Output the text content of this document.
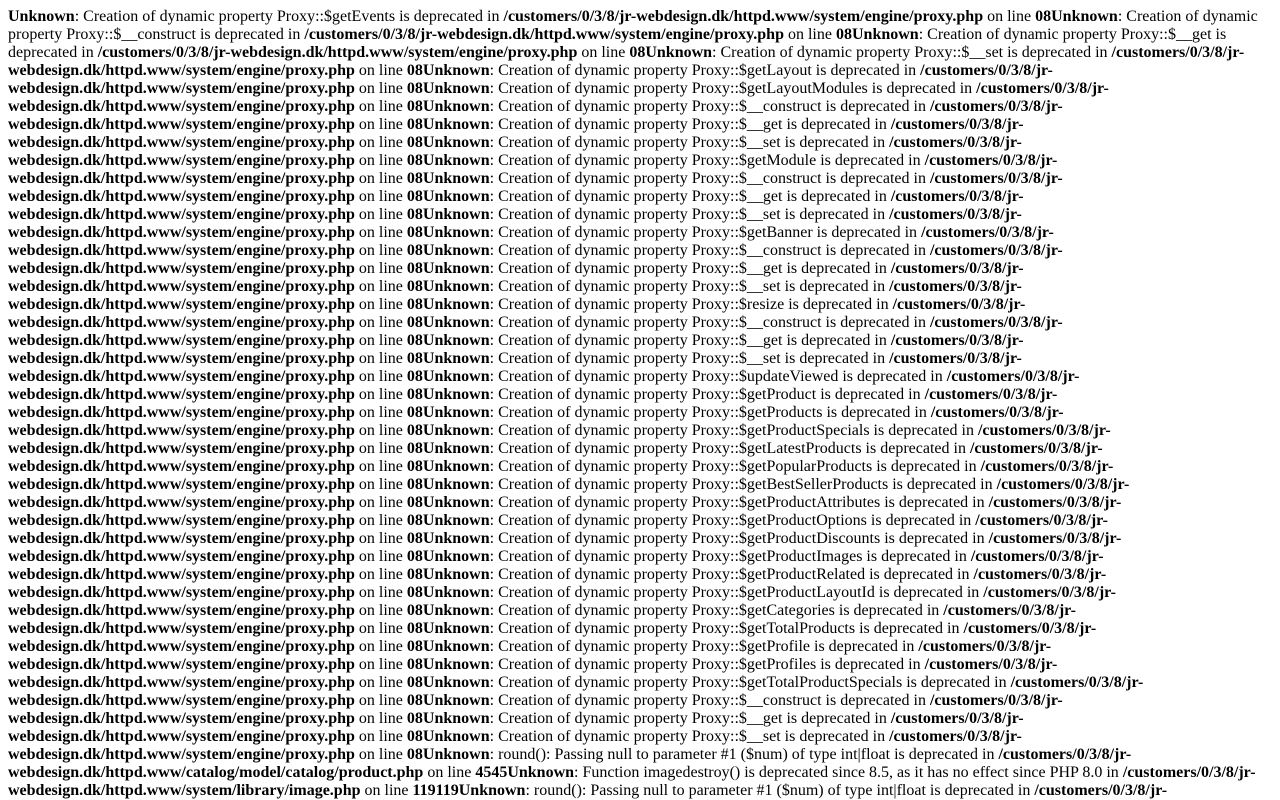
Unknown: Creation of dynamic property Proxy::$getEvents is deprecated in /customers/0/3/8/jr-webdesign.dk/httpd.www/system/engine/proxy.php on line 08Unknown: Creation of dynamic property Proxy::$__construct is deprecated in /customers/0/3/8/jr-webdesign.dk/httpd.www/system/engine/proxy.php on line 08Unknown: Creation of dynamic property Proxy::$__get is deprecated in /customers/0/3/8/jr-webdesign.dk/httpd.www/system/engine/proxy.php on line 08Unknown: Creation of dynamic property Proxy::$__set is deprecated in /customers/0/3/8/jr-webdesign.dk/httpd.www/system/engine/proxy.php on line 08Unknown: Creation of dynamic property Proxy::$getLayout is deprecated in /customers/0/3/8/jr-webdesign.dk/httpd.www/system/engine/proxy.php on line 08Unknown: Creation of dynamic property Proxy::$getLayoutModules is deprecated in /customers/0/3/8/jr-webdesign.dk/httpd.www/system/engine/proxy.php on line 08Unknown: Creation of dynamic property Proxy::$__construct is deprecated in /customers/0/3/8/jr-webdesign.dk/httpd.www/system/engine/proxy.php on line 08Unknown: Creation of dynamic property Proxy::$__get is deprecated in /customers/0/3/8/jr-webdesign.dk/httpd.www/system/engine/proxy.php on line 08Unknown: Creation of dynamic property Proxy::$__set is deprecated in /customers/0/3/8/jr-webdesign.dk/httpd.www/system/engine/proxy.php on line 08Unknown: Creation of dynamic property Proxy::$getModule is deprecated in /customers/0/3/8/jr-webdesign.dk/httpd.www/system/engine/proxy.php on line 08Unknown: Creation of dynamic property Proxy::$__construct is deprecated in /customers/0/3/8/jr-webdesign.dk/httpd.www/system/engine/proxy.php on line 08Unknown: Creation of dynamic property Proxy::$__get is deprecated in /customers/0/3/8/jr-webdesign.dk/httpd.www/system/engine/proxy.php on line 08Unknown: Creation of dynamic property Proxy::$__set is deprecated in /customers/0/3/8/jr-webdesign.dk/httpd.www/system/engine/proxy.php on line 08Unknown: Creation of dynamic property Proxy::$getBanner is deprecated in /customers/0/3/8/jr-webdesign.dk/httpd.www/system/engine/proxy.php on line 08Unknown: Creation of dynamic property Proxy::$__construct is deprecated in /customers/0/3/8/jr-webdesign.dk/httpd.www/system/engine/proxy.php on line 08Unknown: Creation of dynamic property Proxy::$__get is deprecated in /customers/0/3/8/jr-webdesign.dk/httpd.www/system/engine/proxy.php on line 08Unknown: Creation of dynamic property Proxy::$__set is deprecated in /customers/0/3/8/jr-webdesign.dk/httpd.www/system/engine/proxy.php on line 08Unknown: Creation of dynamic property Proxy::$resize is deprecated in /customers/0/3/8/jr-webdesign.dk/httpd.www/system/engine/proxy.php on line 08Unknown: Creation of dynamic property Proxy::$__construct is deprecated in /customers/0/3/8/jr-webdesign.dk/httpd.www/system/engine/proxy.php on line 08Unknown: Creation of dynamic property Proxy::$__get is deprecated in /customers/0/3/8/jr-webdesign.dk/httpd.www/system/engine/proxy.php on line 08Unknown: Creation of dynamic property Proxy::$__set is deprecated in /customers/0/3/8/jr-webdesign.dk/httpd.www/system/engine/proxy.php on line 08Unknown: Creation of dynamic property Proxy::$updateViewed is deprecated in /customers/0/3/8/jr-webdesign.dk/httpd.www/system/engine/proxy.php on line 08Unknown: Creation of dynamic property Proxy::$getProduct is deprecated in /customers/0/3/8/jr-webdesign.dk/httpd.www/system/engine/proxy.php on line 08Unknown: Creation of dynamic property Proxy::$getProducts is deprecated in /customers/0/3/8/jr-webdesign.dk/httpd.www/system/engine/proxy.php on line 08Unknown: Creation of dynamic property Proxy::$getProductSpecials is deprecated in /customers/0/3/8/jr-webdesign.dk/httpd.www/system/engine/proxy.php on line 08Unknown: Creation of dynamic property Proxy::$getLatestProducts is deprecated in /customers/0/3/8/jr-webdesign.dk/httpd.www/system/engine/proxy.php on line 08Unknown: Creation of dynamic property Proxy::$getPopularProducts is deprecated in /customers/0/3/8/jr-webdesign.dk/httpd.www/system/engine/proxy.php on line 08Unknown: Creation of dynamic property Proxy::$getBestSellerProducts is deprecated in /customers/0/3/8/jr-webdesign.dk/httpd.www/system/engine/proxy.php on line 08Unknown: Creation of dynamic property Proxy::$getProductAttributes is deprecated in /customers/0/3/8/jr-webdesign.dk/httpd.www/system/engine/proxy.php on line 08Unknown: Creation of dynamic property Proxy::$getProductOptions is deprecated in /customers/0/3/8/jr-webdesign.dk/httpd.www/system/engine/proxy.php on line 08Unknown: Creation of dynamic property Proxy::$getProductDiscounts is deprecated in /customers/0/3/8/jr-webdesign.dk/httpd.www/system/engine/proxy.php on line 08Unknown: Creation of dynamic property Proxy::$getProductImages is deprecated in /customers/0/3/8/jr-webdesign.dk/httpd.www/system/engine/proxy.php on line 08Unknown: Creation of dynamic property Proxy::$getProductRelated is deprecated in /customers/0/3/8/jr-webdesign.dk/httpd.www/system/engine/proxy.php on line 08Unknown: Creation of dynamic property Proxy::$getProductLayoutId is deprecated in /customers/0/3/8/jr-webdesign.dk/httpd.www/system/engine/proxy.php on line 08Unknown: Creation of dynamic property Proxy::$getCategories is deprecated in /customers/0/3/8/jr-webdesign.dk/httpd.www/system/engine/proxy.php on line 08Unknown: Creation of dynamic property Proxy::$getTotalProducts is deprecated in /customers/0/3/8/jr-webdesign.dk/httpd.www/system/engine/proxy.php on line 08Unknown: Creation of dynamic property Proxy::$getProfile is deprecated in /customers/0/3/8/jr-webdesign.dk/httpd.www/system/engine/proxy.php on line 08Unknown: Creation of dynamic property Proxy::$getProfiles is deprecated in /customers/0/3/8/jr-webdesign.dk/httpd.www/system/engine/proxy.php on line 08Unknown: Creation of dynamic property Proxy::$getTotalProductSpecials is deprecated in /customers/0/3/8/jr-webdesign.dk/httpd.www/system/engine/proxy.php on line 08Unknown: Creation of dynamic property Proxy::$__construct is deprecated in /customers/0/3/8/jr-webdesign.dk/httpd.www/system/engine/proxy.php on line 08Unknown: Creation of dynamic property Proxy::$__get is deprecated in /customers/0/3/8/jr-webdesign.dk/httpd.www/system/engine/proxy.php on line 08Unknown: Creation of dynamic property Proxy::$__set is deprecated in /customers/0/3/8/jr-webdesign.dk/httpd.www/system/engine/proxy.php on line 08Unknown: round(): Passing null to parameter #1 ($num) of type int|float is deprecated in /customers/0/3/8/jr-webdesign.dk/httpd.www/catalog/model/catalog/product.php on line 4545Unknown: Function imagedestroy() is deprecated since 8.5, as it has no effect since PHP 8.0 in /customers/0/3/8/jr-webdesign.dk/httpd.www/system/library/image.php on line 119119Unknown: round(): Passing null to parameter #1 ($num) of type int|float is deprecated in /customers/0/3/8/jr-
